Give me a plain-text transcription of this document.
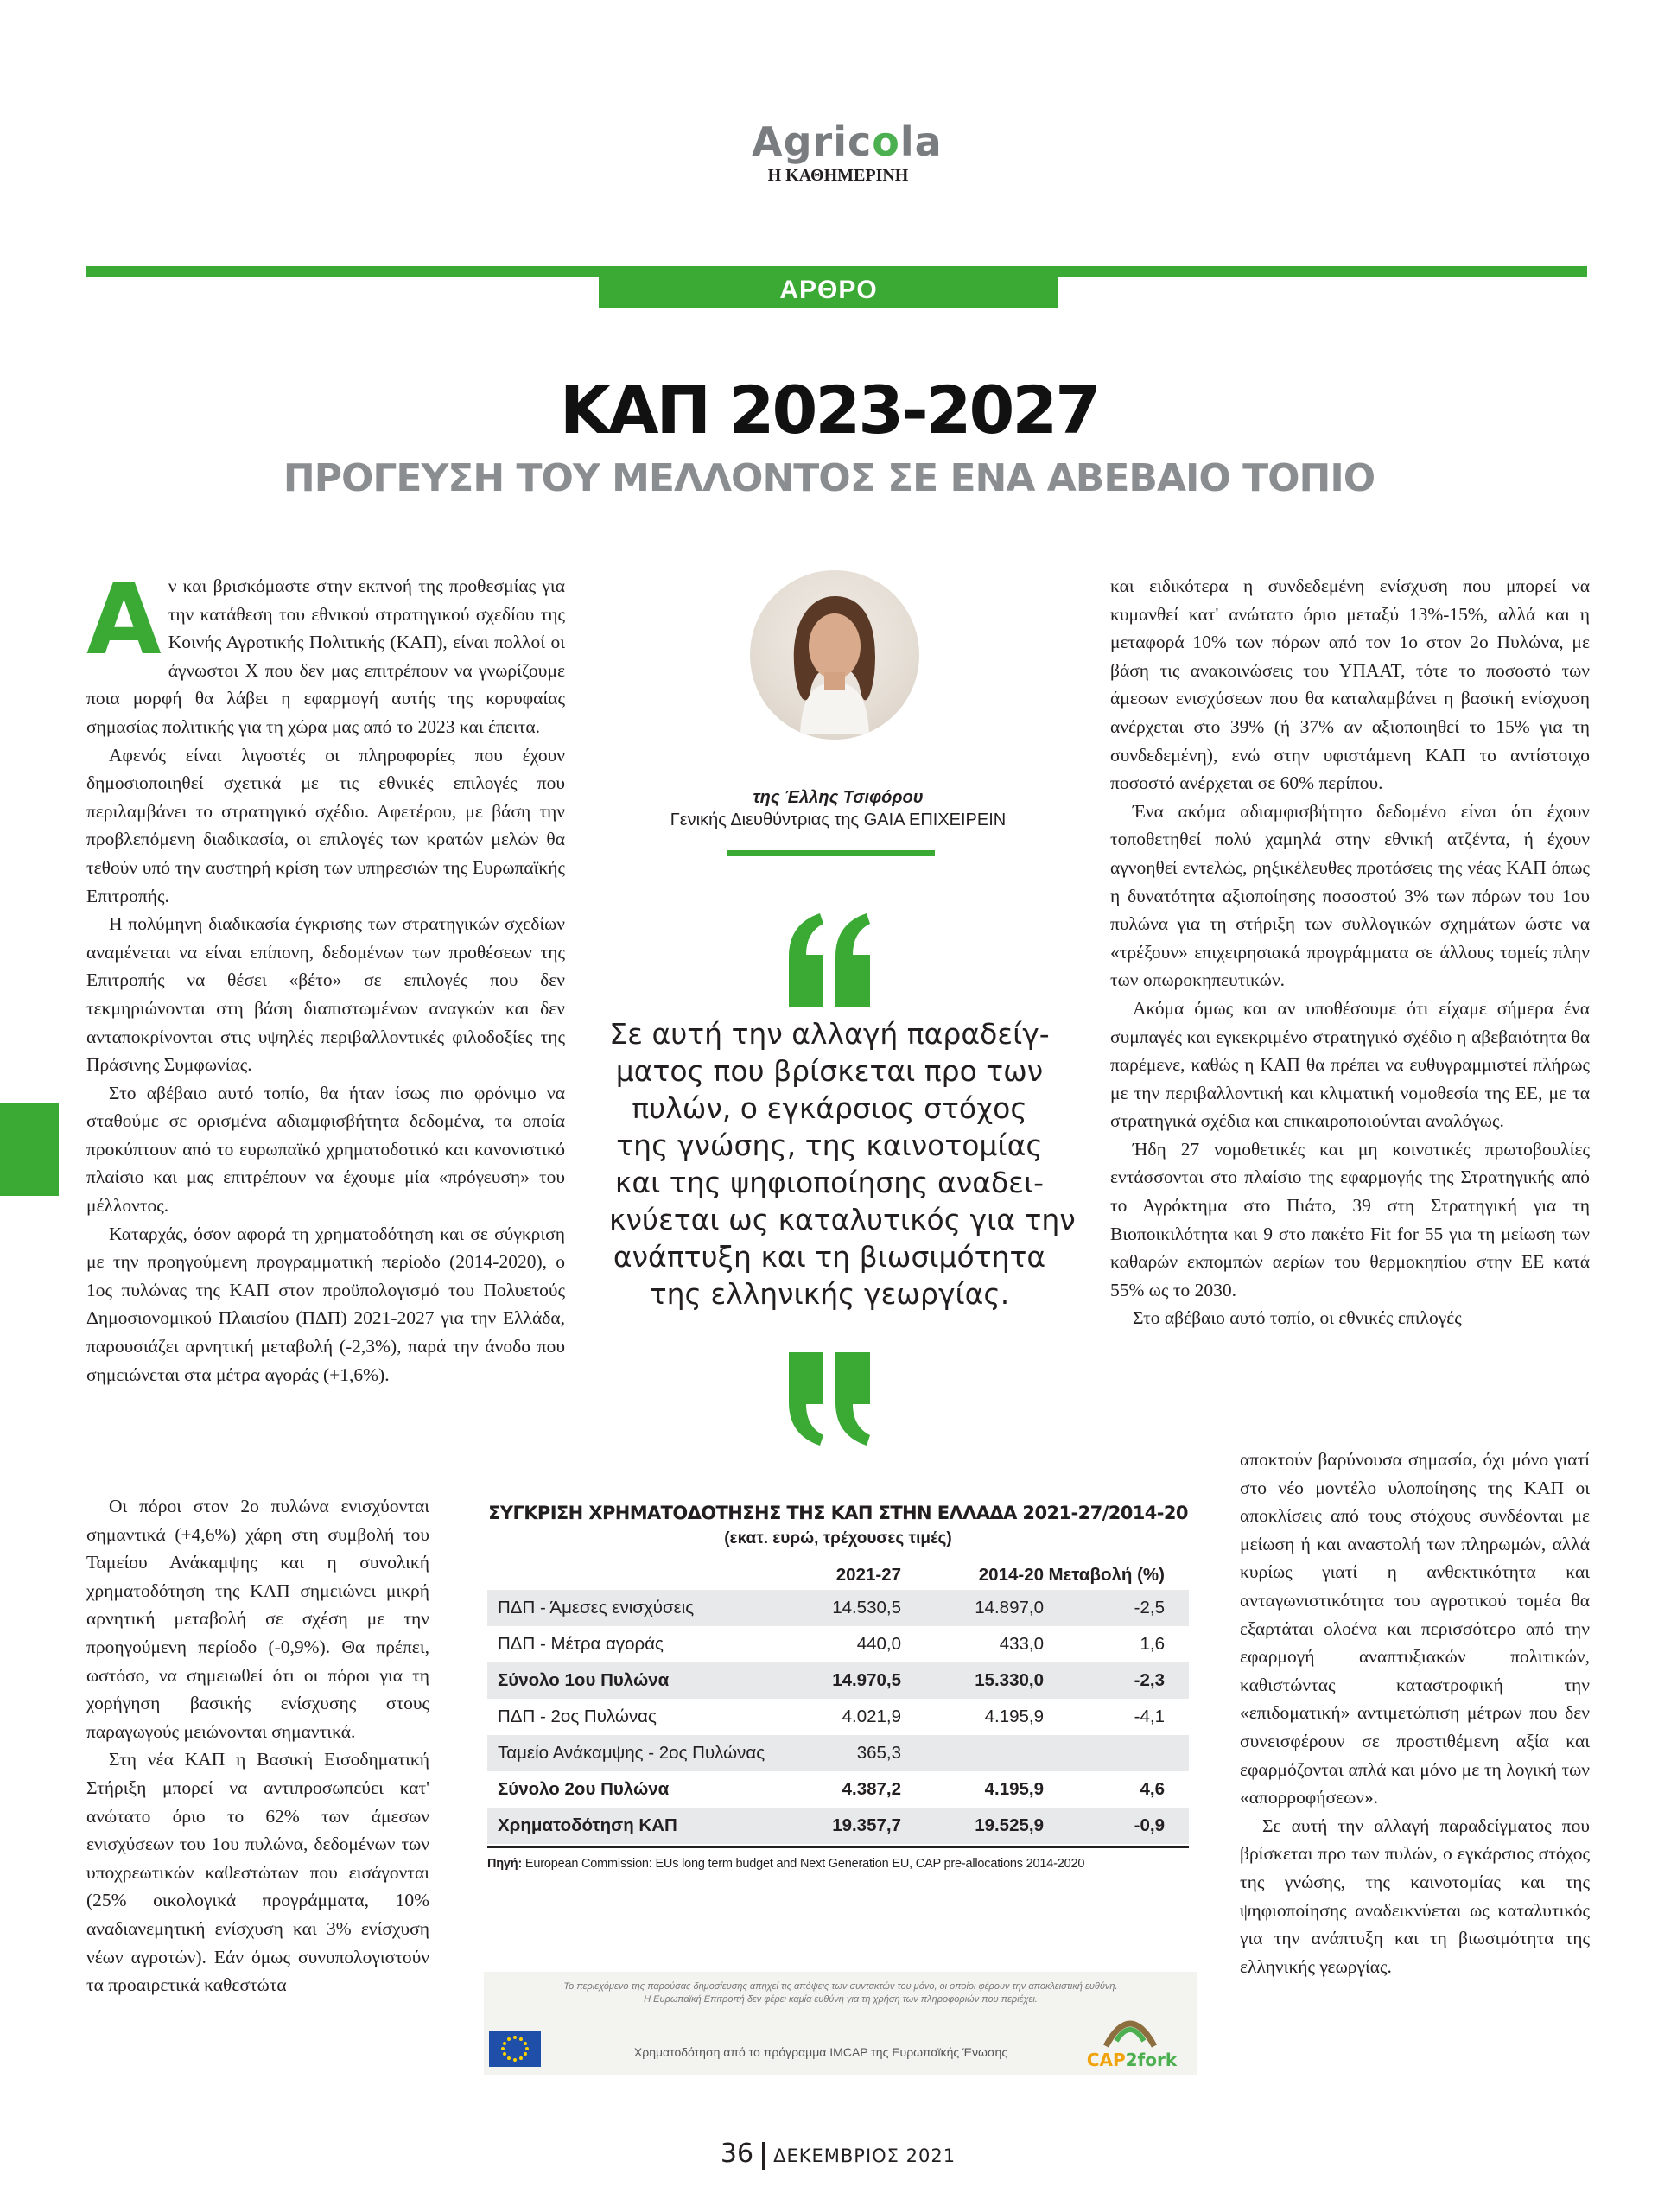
Agricola
Η ΚΑΘΗΜΕΡΙΝΗ
ΑΡΘΡΟ
ΚΑΠ 2023-2027
ΠΡΟΓΕΥΣΗ ΤΟΥ ΜΕΛΛΟΝΤΟΣ ΣΕ ΕΝΑ ΑΒΕΒΑΙΟ ΤΟΠΙΟ

Αν και βρισκόμαστε στην εκπνοή της προθεσμίας για την κατάθεση του εθνικού στρατηγικού σχεδίου της Κοινής Αγροτικής Πολιτικής (ΚΑΠ), είναι πολλοί οι άγνωστοι Χ που δεν μας επιτρέπουν να γνωρίζουμε ποια μορφή θα λάβει η εφαρμογή αυτής της κορυφαίας σημασίας πολιτικής για τη χώρα μας από το 2023 και έπειτα.

Αφενός είναι λιγοστές οι πληροφορίες που έχουν δημοσιοποιηθεί σχετικά με τις εθνικές επιλογές που περιλαμβάνει το στρατηγικό σχέδιο. Αφετέρου, με βάση την προβλεπόμενη διαδικασία, οι επιλογές των κρατών μελών θα τεθούν υπό την αυστηρή κρίση των υπηρεσιών της Ευρωπαϊκής Επιτροπής.

Η πολύμηνη διαδικασία έγκρισης των στρατηγικών σχεδίων αναμένεται να είναι επίπονη, δεδομένων των προθέσεων της Επιτροπής να θέσει «βέτο» σε επιλογές που δεν τεκμηριώνονται στη βάση διαπιστωμένων αναγκών και δεν ανταποκρίνονται στις υψηλές περιβαλλοντικές φιλοδοξίες της Πράσινης Συμφωνίας.

Στο αβέβαιο αυτό τοπίο, θα ήταν ίσως πιο φρόνιμο να σταθούμε σε ορισμένα αδιαμφισβήτητα δεδομένα, τα οποία προκύπτουν από το ευρωπαϊκό χρηματοδοτικό και κανονιστικό πλαίσιο και μας επιτρέπουν να έχουμε μία «πρόγευση» του μέλλοντος.

Καταρχάς, όσον αφορά τη χρηματοδότηση και σε σύγκριση με την προηγούμενη προγραμματική περίοδο (2014-2020), ο 1ος πυλώνας της ΚΑΠ στον προϋπολογισμό του Πολυετούς Δημοσιονομικού Πλαισίου (ΠΔΠ) 2021-2027 για την Ελλάδα, παρουσιάζει αρνητική μεταβολή (-2,3%), παρά την άνοδο που σημειώνεται στα μέτρα αγοράς (+1,6%).

Οι πόροι στον 2ο πυλώνα ενισχύονται σημαντικά (+4,6%) χάρη στη συμβολή του Ταμείου Ανάκαμψης και η συνολική χρηματοδότηση της ΚΑΠ σημειώνει μικρή αρνητική μεταβολή σε σχέση με την προηγούμενη περίοδο (-0,9%). Θα πρέπει, ωστόσο, να σημειωθεί ότι οι πόροι για τη χορήγηση βασικής ενίσχυσης στους παραγωγούς μειώνονται σημαντικά.

Στη νέα ΚΑΠ η Βασική Εισοδηματική Στήριξη μπορεί να αντιπροσωπεύει κατ' ανώτατο όριο το 62% των άμεσων ενισχύσεων του 1ου πυλώνα, δεδομένων των υποχρεωτικών καθεστώτων που εισάγονται (25% οικολογικά προγράμματα, 10% αναδιανεμητική ενίσχυση και 3% ενίσχυση νέων αγροτών). Εάν όμως συνυπολογιστούν τα προαιρετικά καθεστώτα

της Έλλης Τσιφόρου
Γενικής Διευθύντριας της GAIA ΕΠΙΧΕΙΡΕΙΝ
Σε αυτή την αλλαγή παραδείγ-
ματος που βρίσκεται προ των
πυλών, ο εγκάρσιος στόχος
της γνώσης, της καινοτομίας
και της ψηφιοποίησης αναδει-
κνύεται ως καταλυτικός για την
ανάπτυξη και τη βιωσιμότητα
της ελληνικής γεωργίας.

και ειδικότερα η συνδεδεμένη ενίσχυση που μπορεί να κυμανθεί κατ' ανώτατο όριο μεταξύ 13%-15%, αλλά και η μεταφορά 10% των πόρων από τον 1ο στον 2ο Πυλώνα, με βάση τις ανακοινώσεις του ΥΠΑΑΤ, τότε το ποσοστό των άμεσων ενισχύσεων που θα καταλαμβάνει η βασική ενίσχυση ανέρχεται στο 39% (ή 37% αν αξιοποιηθεί το 15% για τη συνδεδεμένη), ενώ στην υφιστάμενη ΚΑΠ το αντίστοιχο ποσοστό ανέρχεται σε 60% περίπου.

Ένα ακόμα αδιαμφισβήτητο δεδομένο είναι ότι έχουν τοποθετηθεί πολύ χαμηλά στην εθνική ατζέντα, ή έχουν αγνοηθεί εντελώς, ρηξικέλευθες προτάσεις της νέας ΚΑΠ όπως η δυνατότητα αξιοποίησης ποσοστού 3% των πόρων του 1ου πυλώνα για τη στήριξη των συλλογικών σχημάτων ώστε να «τρέξουν» επιχειρησιακά προγράμματα σε άλλους τομείς πλην των οπωροκηπευτικών.

Ακόμα όμως και αν υποθέσουμε ότι είχαμε σήμερα ένα συμπαγές και εγκεκριμένο στρατηγικό σχέδιο η αβεβαιότητα θα παρέμενε, καθώς η ΚΑΠ θα πρέπει να ευθυγραμμιστεί πλήρως με την περιβαλλοντική και κλιματική νομοθεσία της ΕΕ, με τα στρατηγικά σχέδια και επικαιροποιούνται αναλόγως.

Ήδη 27 νομοθετικές και μη κοινοτικές πρωτοβουλίες εντάσσονται στο πλαίσιο της εφαρμογής της Στρατηγικής από το Αγρόκτημα στο Πιάτο, 39 στη Στρατηγική για τη Βιοποικιλότητα και 9 στο πακέτο Fit for 55 για τη μείωση των καθαρών εκπομπών αερίων του θερμοκηπίου στην ΕΕ κατά 55% ως το 2030.

Στο αβέβαιο αυτό τοπίο, οι εθνικές επιλογές

αποκτούν βαρύνουσα σημασία, όχι μόνο γιατί στο νέο μοντέλο υλοποίησης της ΚΑΠ οι αποκλίσεις από τους στόχους συνδέονται με μείωση ή και αναστολή των πληρωμών, αλλά κυρίως γιατί η ανθεκτικότητα και ανταγωνιστικότητα του αγροτικού τομέα θα εξαρτάται ολοένα και περισσότερο από την εφαρμογή αναπτυξιακών πολιτικών, καθιστώντας καταστροφική την «επιδοματική» αντιμετώπιση μέτρων που δεν συνεισφέρουν σε προστιθέμενη αξία και εφαρμόζονται απλά και μόνο με τη λογική των «απορροφήσεων».

Σε αυτή την αλλαγή παραδείγματος που βρίσκεται προ των πυλών, ο εγκάρσιος στόχος της γνώσης, της καινοτομίας και της ψηφιοποίησης αναδεικνύεται ως καταλυτικός για την ανάπτυξη και τη βιωσιμότητα της ελληνικής γεωργίας.

ΣΥΓΚΡΙΣΗ ΧΡΗΜΑΤΟΔΟΤΗΣΗΣ ΤΗΣ ΚΑΠ ΣΤΗΝ ΕΛΛΑΔΑ 2021-27/2014-20
(εκατ. ευρώ, τρέχουσες τιμές)
	2021-27	2014-20	Μεταβολή (%)
ΠΔΠ - Άμεσες ενισχύσεις	14.530,5	14.897,0	-2,5
ΠΔΠ - Μέτρα αγοράς	440,0	433,0	1,6
Σύνολο 1ου Πυλώνα	14.970,5	15.330,0	-2,3
ΠΔΠ - 2ος Πυλώνας	4.021,9	4.195,9	-4,1
Ταμείο Ανάκαμψης - 2ος Πυλώνας	365,3		
Σύνολο 2ου Πυλώνα	4.387,2	4.195,9	4,6
Χρηματοδότηση ΚΑΠ	19.357,7	19.525,9	-0,9
Πηγή: European Commission: EUs long term budget and Next Generation EU, CAP pre-allocations 2014-2020
Το περιεχόμενο της παρούσας δημοσίευσης απηχεί τις απόψεις των συντακτών του μόνο, οι οποίοι φέρουν την αποκλειστική ευθύνη.
Η Ευρωπαϊκή Επιτροπή δεν φέρει καμία ευθύνη για τη χρήση των πληροφοριών που περιέχει.
Χρηματοδότηση από το πρόγραμμα IMCAP της Ευρωπαϊκής Ένωσης	CAP2fork
36 ΔΕΚΕΜΒΡΙΟΣ 2021
